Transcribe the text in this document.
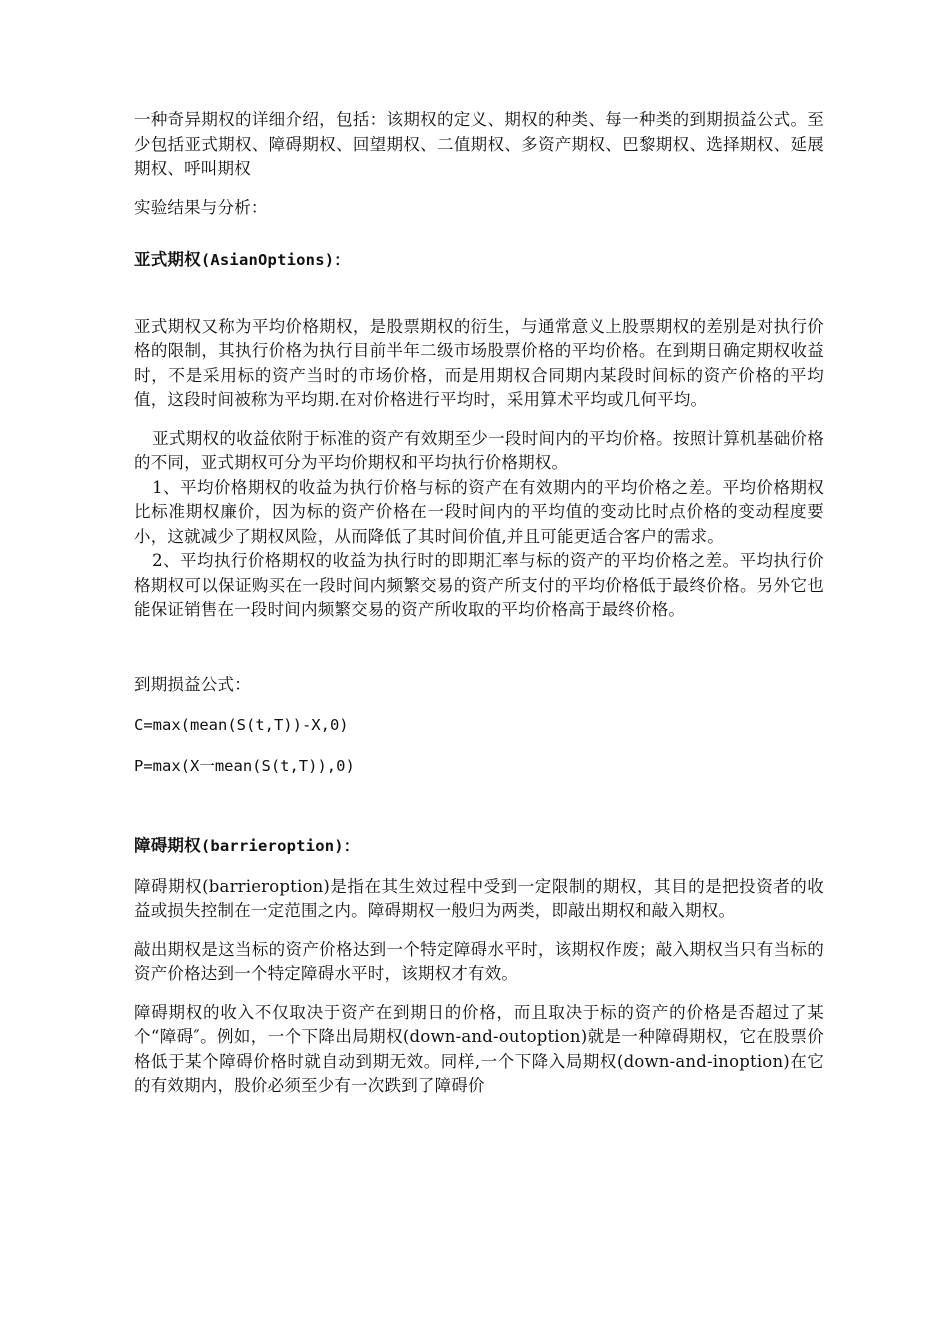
一种奇异期权的详细介绍，包括：该期权的定义、期权的种类、每一种类的到期损益公式。至少包括亚式期权、障碍期权、回望期权、二值期权、多资产期权、巴黎期权、选择期权、延展期权、呼叫期权

实验结果与分析：

亚式期权(AsianOptions)：

亚式期权又称为平均价格期权，是股票期权的衍生，与通常意义上股票期权的差别是对执行价格的限制，其执行价格为执行目前半年二级市场股票价格的平均价格。在到期日确定期权收益时，不是采用标的资产当时的市场价格，而是用期权合同期内某段时间标的资产价格的平均值，这段时间被称为平均期.在对价格进行平均时，采用算术平均或几何平均。

亚式期权的收益依附于标准的资产有效期至少一段时间内的平均价格。按照计算机基础价格的不同，亚式期权可分为平均价期权和平均执行价格期权。

1、平均价格期权的收益为执行价格与标的资产在有效期内的平均价格之差。平均价格期权比标准期权廉价，因为标的资产价格在一段时间内的平均值的变动比时点价格的变动程度要小，这就减少了期权风险，从而降低了其时间价值,并且可能更适合客户的需求。

2、平均执行价格期权的收益为执行时的即期汇率与标的资产的平均价格之差。平均执行价格期权可以保证购买在一段时间内频繁交易的资产所支付的平均价格低于最终价格。另外它也能保证销售在一段时间内频繁交易的资产所收取的平均价格高于最终价格。

到期损益公式：

C=max(mean(S(t,T))-X,0)

P=max(X一mean(S(t,T)),0)

障碍期权(barrieroption)：

障碍期权(barrieroption)是指在其生效过程中受到一定限制的期权，其目的是把投资者的收益或损失控制在一定范围之内。障碍期权一般归为两类，即敲出期权和敲入期权。

敲出期权是这当标的资产价格达到一个特定障碍水平时，该期权作废；敲入期权当只有当标的资产价格达到一个特定障碍水平时，该期权才有效。

障碍期权的收入不仅取决于资产在到期日的价格，而且取决于标的资产的价格是否超过了某个“障碍″。例如，一个下降出局期权(down-and-outoption)就是一种障碍期权，它在股票价格低于某个障碍价格时就自动到期无效。同样,一个下降入局期权(down-and-inoption)在它的有效期内，股价必须至少有一次跌到了障碍价
